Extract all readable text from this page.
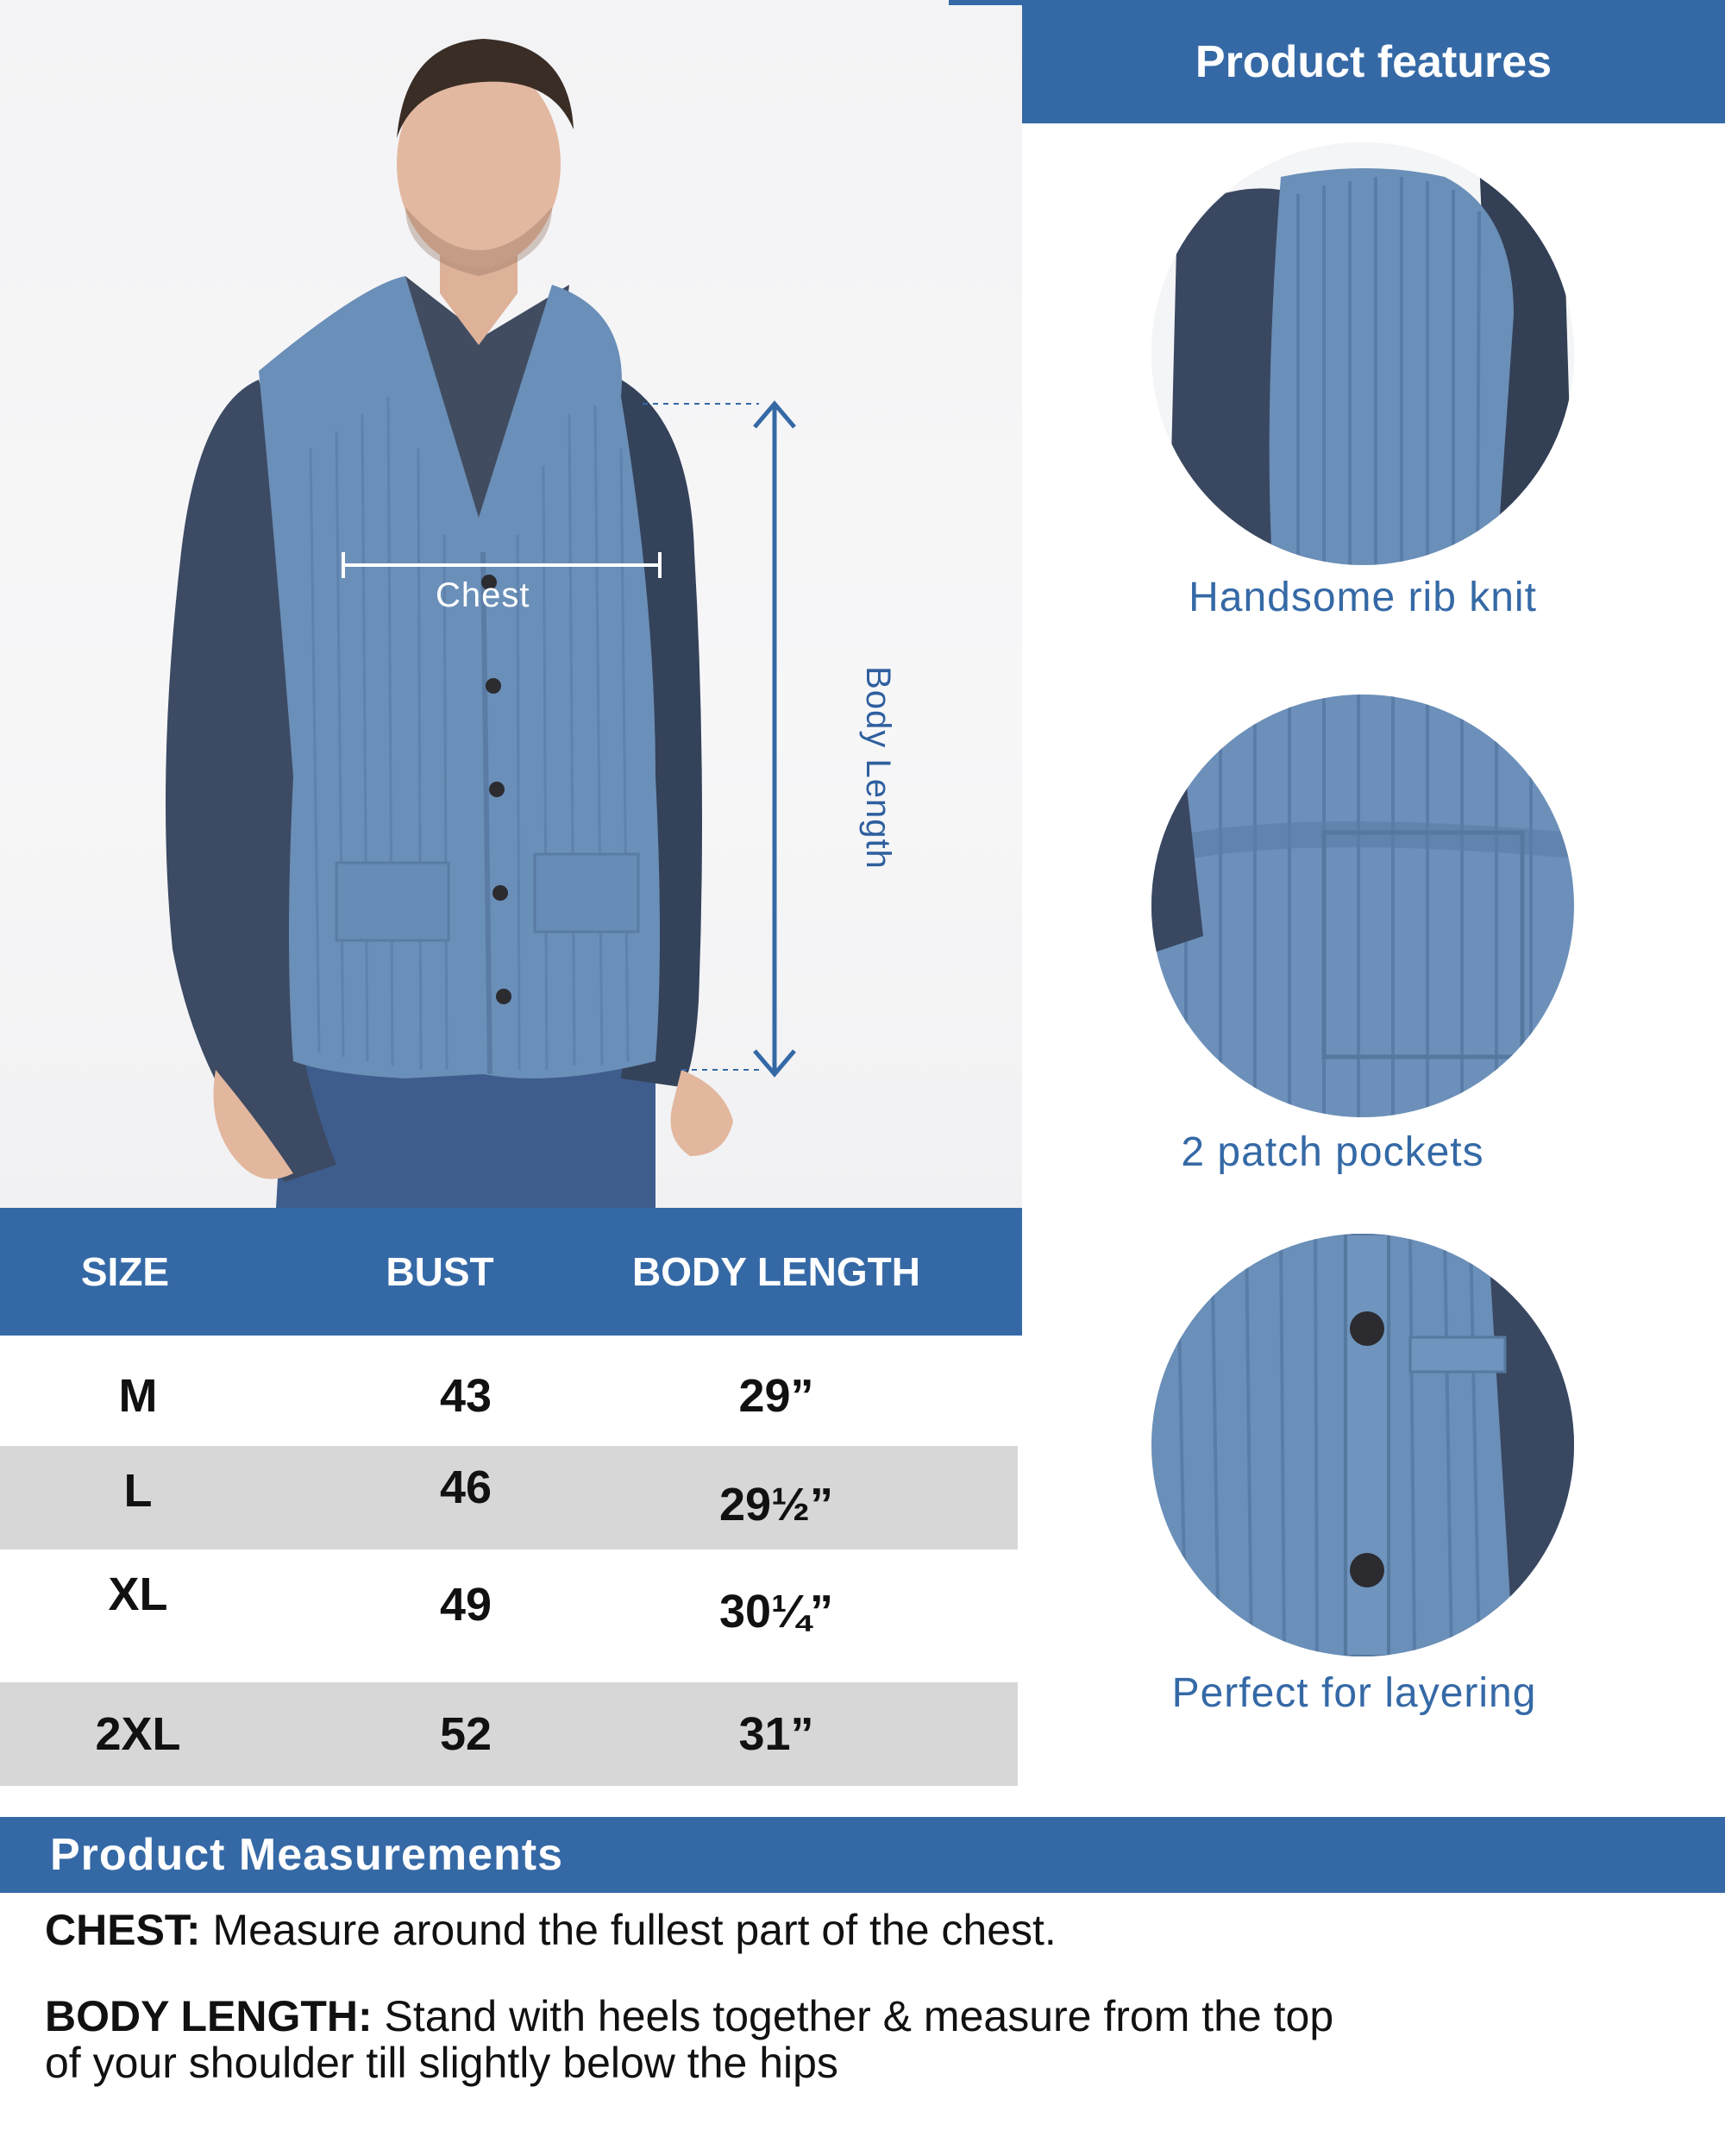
Chest
Body Length
Product features
Handsome rib knit
2 patch pockets
Perfect for layering
SIZE	BUST	BODY LENGTH
M	43	29”
L	46	29½”
XL	49	30¼”
2XL	52	31”
Product Measurements
CHEST: Measure around the fullest part of the chest.
BODY LENGTH: Stand with heels together & measure from the top
of your shoulder till slightly below the hips
